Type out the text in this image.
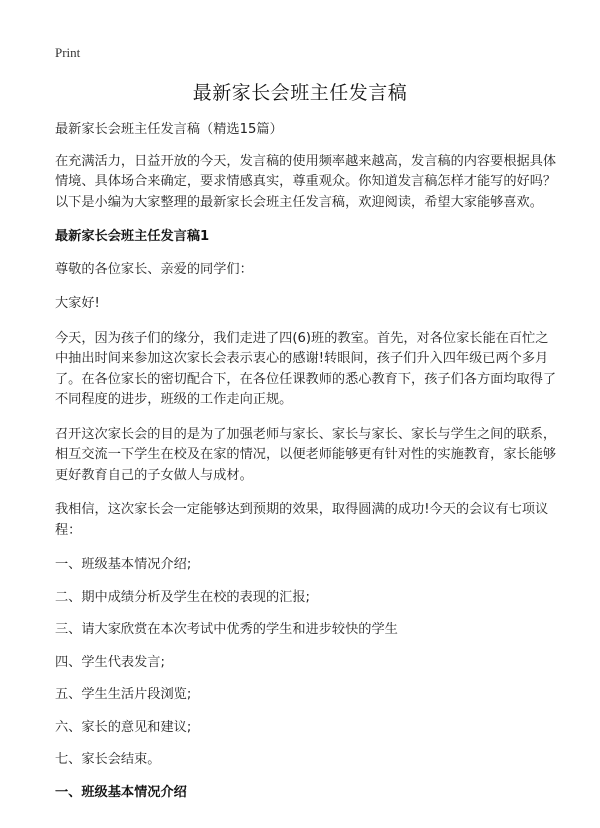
Print
最新家长会班主任发言稿

最新家长会班主任发言稿（精选15篇）

在充满活力，日益开放的今天，发言稿的使用频率越来越高，发言稿的内容要根据具体情境、具体场合来确定，要求情感真实，尊重观众。你知道发言稿怎样才能写的好吗？以下是小编为大家整理的最新家长会班主任发言稿，欢迎阅读，希望大家能够喜欢。

最新家长会班主任发言稿1

尊敬的各位家长、亲爱的同学们：

大家好!

今天，因为孩子们的缘分，我们走进了四(6)班的教室。首先，对各位家长能在百忙之中抽出时间来参加这次家长会表示衷心的感谢!转眼间，孩子们升入四年级已两个多月了。在各位家长的密切配合下，在各位任课教师的悉心教育下，孩子们各方面均取得了不同程度的进步，班级的工作走向正规。

召开这次家长会的目的是为了加强老师与家长、家长与家长、家长与学生之间的联系，相互交流一下学生在校及在家的情况，以便老师能够更有针对性的实施教育，家长能够更好教育自己的子女做人与成材。

我相信，这次家长会一定能够达到预期的效果，取得圆满的成功!今天的会议有七项议程：

一、班级基本情况介绍;

二、期中成绩分析及学生在校的表现的汇报;

三、请大家欣赏在本次考试中优秀的学生和进步较快的学生

四、学生代表发言;

五、学生生活片段浏览;

六、家长的意见和建议;

七、家长会结束。

一、班级基本情况介绍
